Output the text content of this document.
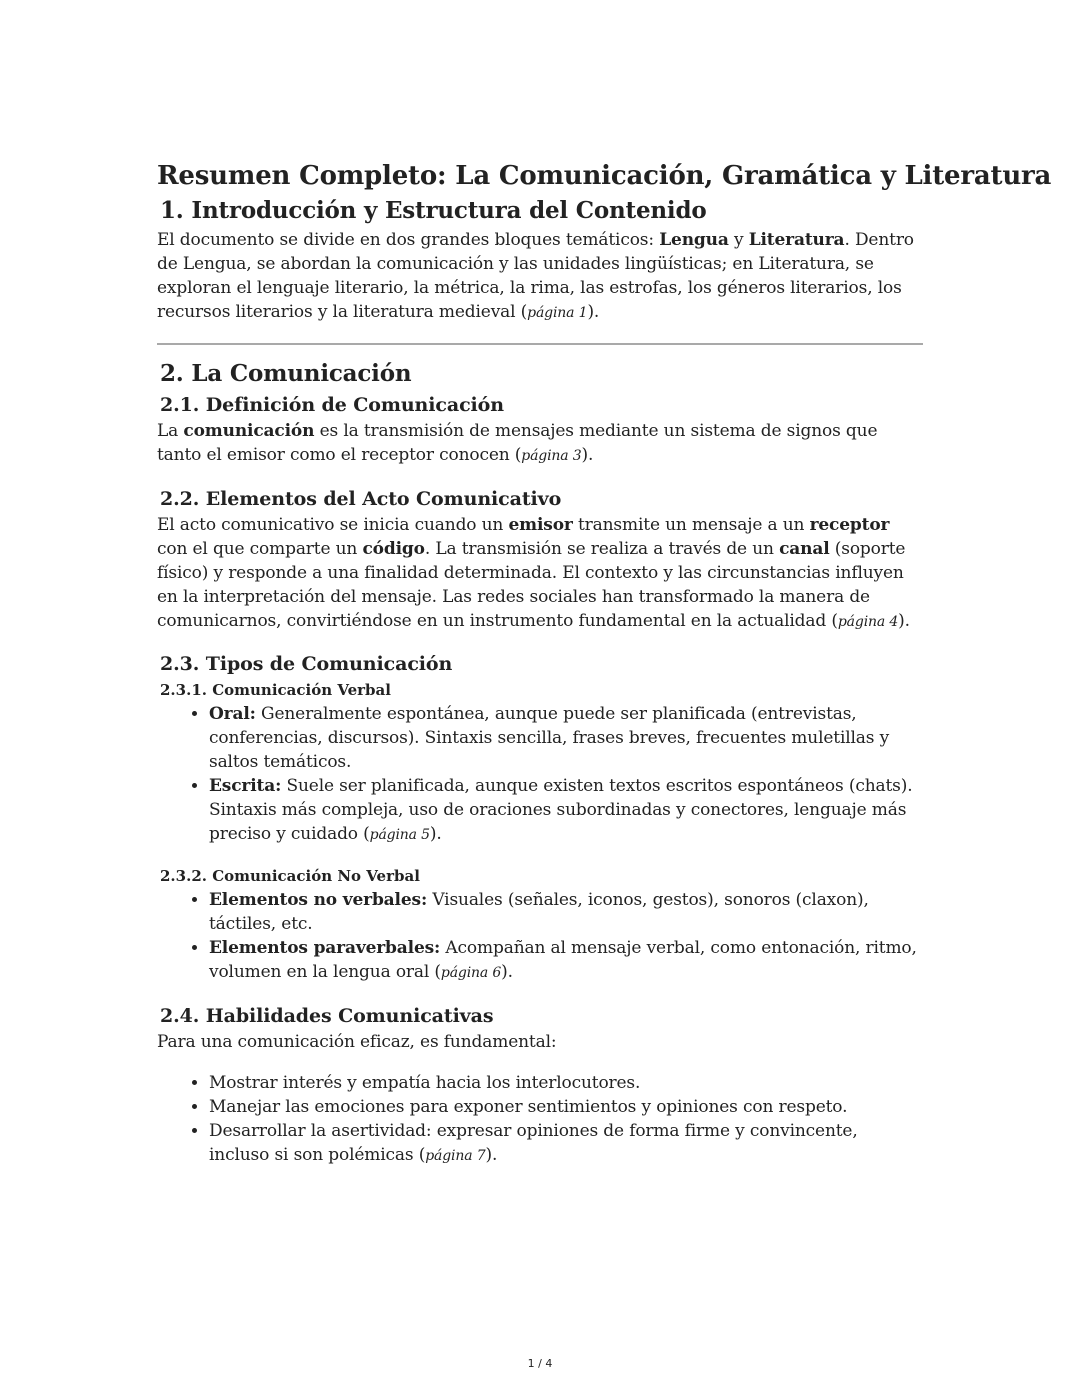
Resumen Completo: La Comunicación, Gramática y Literatura
1. Introducción y Estructura del Contenido

El documento se divide en dos grandes bloques temáticos: Lengua y Literatura. Dentro de Lengua, se abordan la comunicación y las unidades lingüísticas; en Literatura, se exploran el lenguaje literario, la métrica, la rima, las estrofas, los géneros literarios, los recursos literarios y la literatura medieval (página 1).

2. La Comunicación
2.1. Definición de Comunicación

La comunicación es la transmisión de mensajes mediante un sistema de signos que tanto el emisor como el receptor conocen (página 3).

2.2. Elementos del Acto Comunicativo

El acto comunicativo se inicia cuando un emisor transmite un mensaje a un receptor con el que comparte un código. La transmisión se realiza a través de un canal (soporte físico) y responde a una finalidad determinada. El contexto y las circunstancias influyen en la interpretación del mensaje. Las redes sociales han transformado la manera de comunicarnos, convirtiéndose en un instrumento fundamental en la actualidad (página 4).

2.3. Tipos de Comunicación
2.3.1. Comunicación Verbal
• Oral: Generalmente espontánea, aunque puede ser planificada (entrevistas, conferencias, discursos). Sintaxis sencilla, frases breves, frecuentes muletillas y saltos temáticos.
• Escrita: Suele ser planificada, aunque existen textos escritos espontáneos (chats). Sintaxis más compleja, uso de oraciones subordinadas y conectores, lenguaje más preciso y cuidado (página 5).
2.3.2. Comunicación No Verbal
• Elementos no verbales: Visuales (señales, iconos, gestos), sonoros (claxon), táctiles, etc.
• Elementos paraverbales: Acompañan al mensaje verbal, como entonación, ritmo, volumen en la lengua oral (página 6).
2.4. Habilidades Comunicativas

Para una comunicación eficaz, es fundamental:

• Mostrar interés y empatía hacia los interlocutores.
• Manejar las emociones para exponer sentimientos y opiniones con respeto.
• Desarrollar la asertividad: expresar opiniones de forma firme y convincente, incluso si son polémicas (página 7).
1 / 4
